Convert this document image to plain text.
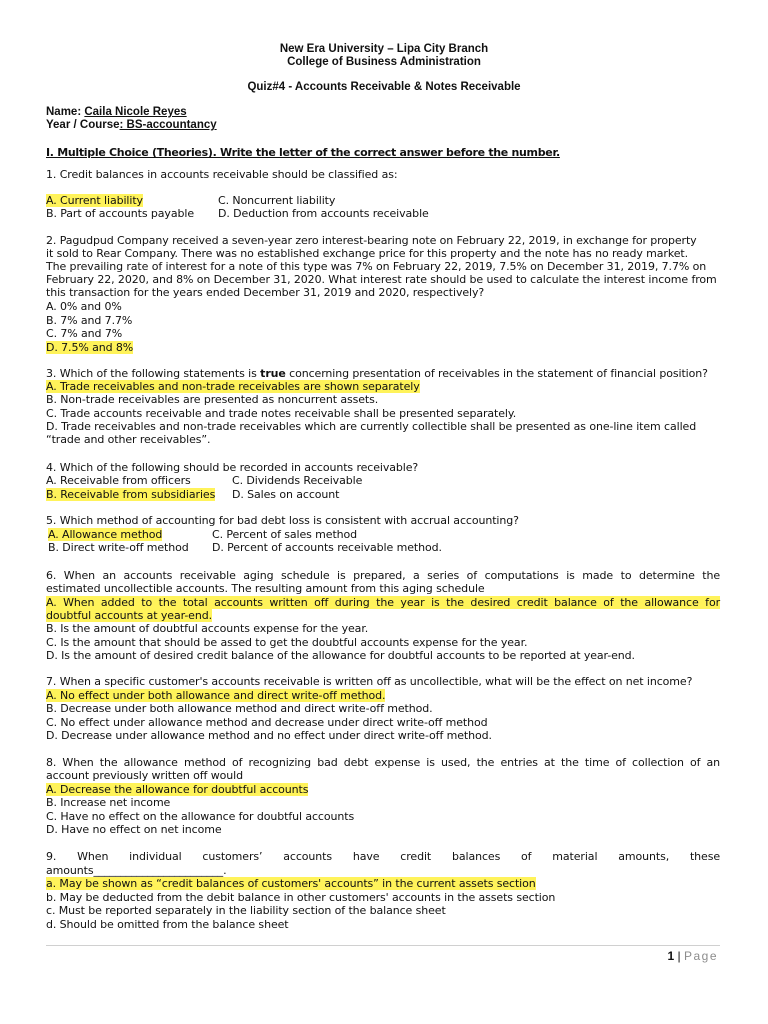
New Era University – Lipa City Branch
College of Business Administration
Quiz#4 - Accounts Receivable & Notes Receivable
Name: Caila Nicole Reyes
Year / Course: BS-accountancy
I. Multiple Choice (Theories). Write the letter of the correct answer before the number.
1. Credit balances in accounts receivable should be classified as:
A. Current liability	C. Noncurrent liability
B. Part of accounts payable D. Deduction from accounts receivable
2. Pagudpud Company received a seven-year zero interest-bearing note on February 22, 2019, in exchange for property
it sold to Rear Company. There was no established exchange price for this property and the note has no ready market.
The prevailing rate of interest for a note of this type was 7% on February 22, 2019, 7.5% on December 31, 2019, 7.7% on
February 22, 2020, and 8% on December 31, 2020. What interest rate should be used to calculate the interest income from
this transaction for the years ended December 31, 2019 and 2020, respectively?
A. 0% and 0%
B. 7% and 7.7%
C. 7% and 7%
D. 7.5% and 8%
3. Which of the following statements is true concerning presentation of receivables in the statement of financial position?
A. Trade receivables and non-trade receivables are shown separately
B. Non-trade receivables are presented as noncurrent assets.
C. Trade accounts receivable and trade notes receivable shall be presented separately.
D. Trade receivables and non-trade receivables which are currently collectible shall be presented as one-line item called
“trade and other receivables”.
4. Which of the following should be recorded in accounts receivable?
A. Receivable from officers	C. Dividends Receivable
B. Receivable from subsidiaries D. Sales on account
5. Which method of accounting for bad debt loss is consistent with accrual accounting?
A. Allowance method	C. Percent of sales method
B. Direct write-off method D. Percent of accounts receivable method.
6. When an accounts receivable aging schedule is prepared, a series of computations is made to determine the
estimated uncollectible accounts. The resulting amount from this aging schedule
A. When added to the total accounts written off during the year is the desired credit balance of the allowance for
doubtful accounts at year-end.
B. Is the amount of doubtful accounts expense for the year.
C. Is the amount that should be assed to get the doubtful accounts expense for the year.
D. Is the amount of desired credit balance of the allowance for doubtful accounts to be reported at year-end.
7. When a specific customer's accounts receivable is written off as uncollectible, what will be the effect on net income?
A. No effect under both allowance and direct write-off method.
B. Decrease under both allowance method and direct write-off method.
C. No effect under allowance method and decrease under direct write-off method
D. Decrease under allowance method and no effect under direct write-off method.
8. When the allowance method of recognizing bad debt expense is used, the entries at the time of collection of an
account previously written off would
A. Decrease the allowance for doubtful accounts
B. Increase net income
C. Have no effect on the allowance for doubtful accounts
D. Have no effect on net income
9. When individual customers’ accounts have credit balances of material amounts, these
amounts________________________.
a. May be shown as “credit balances of customers' accounts” in the current assets section
b. May be deducted from the debit balance in other customers' accounts in the assets section
c. Must be reported separately in the liability section of the balance sheet
d. Should be omitted from the balance sheet
1 | Page
